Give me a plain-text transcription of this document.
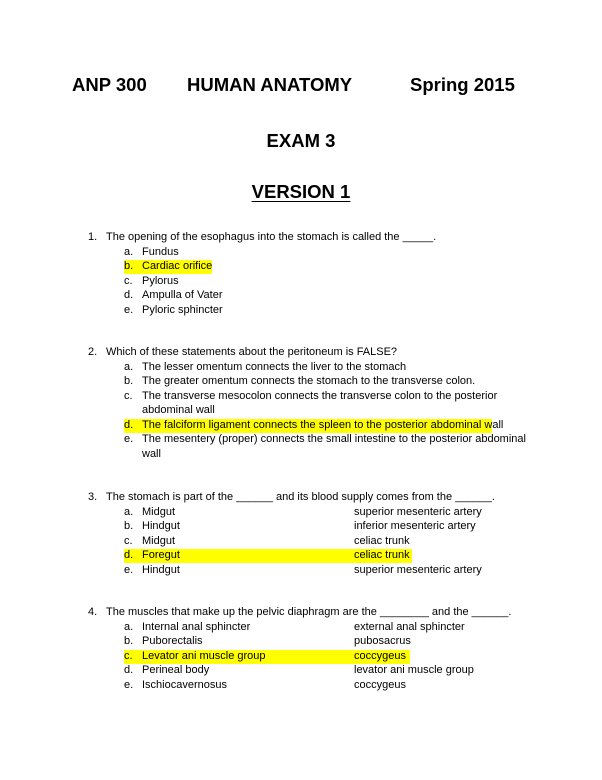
ANP 300 HUMAN ANATOMY	Spring 2015
EXAM 3
VERSION 1
1. The opening of the esophagus into the stomach is called the _____.
a. Fundus
b. Cardiac orifice
c. Pylorus
d. Ampulla of Vater
e. Pyloric sphincter
2. Which of these statements about the peritoneum is FALSE?
a. The lesser omentum connects the liver to the stomach
b. The greater omentum connects the stomach to the transverse colon.
c. The transverse mesocolon connects the transverse colon to the posterior abdominal wall
d. The falciform ligament connects the spleen to the posterior abdominal wall
e. The mesentery (proper) connects the small intestine to the posterior abdominal wall
3. The stomach is part of the ______ and its blood supply comes from the ______.
a. Midgut	superior mesenteric artery
b. Hindgut	inferior mesenteric artery
c. Midgut	celiac trunk
d. Foregut	celiac trunk
e. Hindgut	superior mesenteric artery
4. The muscles that make up the pelvic diaphragm are the ________ and the ______.
a. Internal anal sphincter	external anal sphincter
b. Puborectalis	pubosacrus
c. Levator ani muscle group	coccygeus
d. Perineal body	levator ani muscle group
e. Ischiocavernosus	coccygeus
